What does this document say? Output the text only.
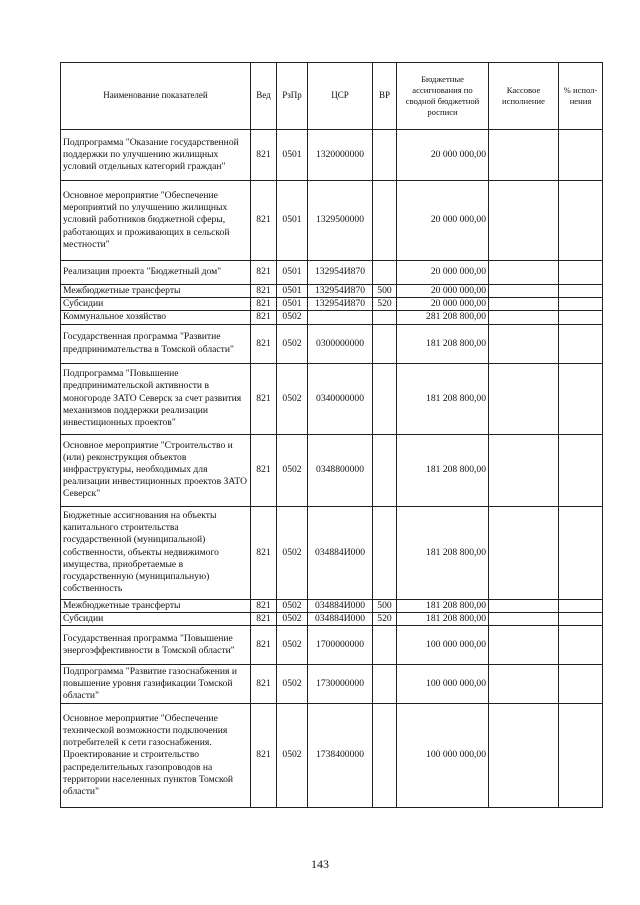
Наименование показателей	Вед	РзПр	ЦСР	ВР	Бюджетные ассигнования по сводной бюджетной росписи	Кассовое исполнение	% испол-нения
Подпрограмма "Оказание государственной поддержки по улучшению жилищных условий отдельных категорий граждан"	821	0501	1320000000		20 000 000,00		
Основное мероприятие "Обеспечение мероприятий по улучшению жилищных условий работников бюджетной сферы, работающих и проживающих в сельской местности"	821	0501	1329500000		20 000 000,00		
Реализация проекта "Бюджетный дом"	821	0501	132954И870		20 000 000,00		
Межбюджетные трансферты	821	0501	132954И870	500	20 000 000,00		
Субсидии	821	0501	132954И870	520	20 000 000,00		
Коммунальное хозяйство	821	0502			281 208 800,00		
Государственная программа "Развитие предпринимательства в Томской области"	821	0502	0300000000		181 208 800,00		
Подпрограмма "Повышение предпринимательской активности в моногороде ЗАТО Северск за счет развития механизмов поддержки реализации инвестиционных проектов"	821	0502	0340000000		181 208 800,00		
Основное мероприятие "Строительство и (или) реконструкция объектов инфраструктуры, необходимых для реализации инвестиционных проектов ЗАТО Северск"	821	0502	0348800000		181 208 800,00		
Бюджетные ассигнования на объекты капитального строительства государственной (муниципальной) собственности, объекты недвижимого имущества, приобретаемые в государственную (муниципальную) собственность	821	0502	034884И000		181 208 800,00		
Межбюджетные трансферты	821	0502	034884И000	500	181 208 800,00		
Субсидии	821	0502	034884И000	520	181 208 800,00		
Государственная программа "Повышение энергоэффективности в Томской области"	821	0502	1700000000		100 000 000,00		
Подпрограмма "Развитие газоснабжения и повышение уровня газификации Томской области"	821	0502	1730000000		100 000 000,00		
Основное мероприятие "Обеспечение технической возможности подключения потребителей к сети газоснабжения. Проектирование и строительство распределительных газопроводов на территории населенных пунктов Томской области"	821	0502	1738400000		100 000 000,00		
143
